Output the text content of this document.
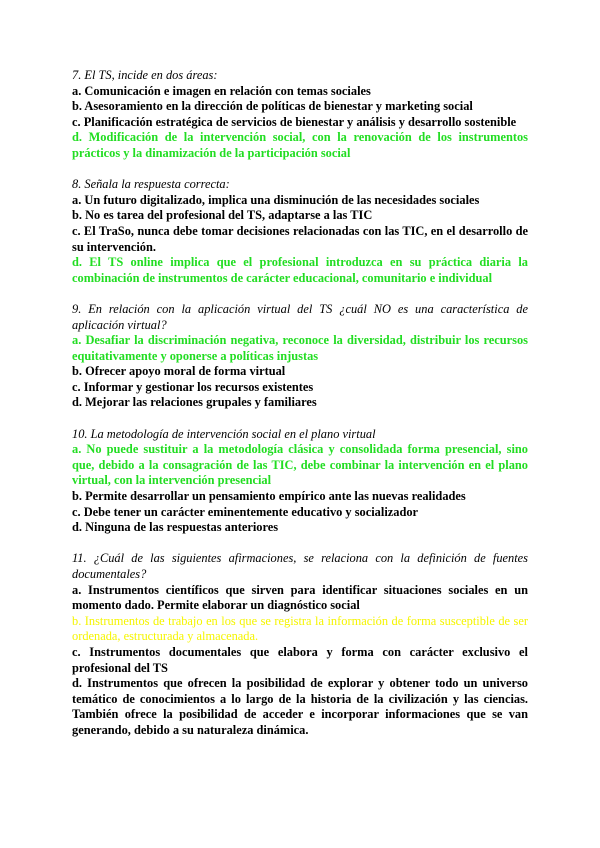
7. El TS, incide en dos áreas:
a. Comunicación e imagen en relación con temas sociales
b. Asesoramiento en la dirección de políticas de bienestar y marketing social
c. Planificación estratégica de servicios de bienestar y análisis y desarrollo sostenible
d. Modificación de la intervención social, con la renovación de los instrumentos prácticos y la dinamización de la participación social
8. Señala la respuesta correcta:
a. Un futuro digitalizado, implica una disminución de las necesidades sociales
b. No es tarea del profesional del TS, adaptarse a las TIC
c. El TraSo, nunca debe tomar decisiones relacionadas con las TIC, en el desarrollo de su intervención.
d. El TS online implica que el profesional introduzca en su práctica diaria la combinación de instrumentos de carácter educacional, comunitario e individual
9. En relación con la aplicación virtual del TS ¿cuál NO es una característica de aplicación virtual?
a. Desafiar la discriminación negativa, reconoce la diversidad, distribuir los recursos equitativamente y oponerse a políticas injustas
b. Ofrecer apoyo moral de forma virtual
c. Informar y gestionar los recursos existentes
d. Mejorar las relaciones grupales y familiares
10. La metodología de intervención social en el plano virtual
a. No puede sustituir a la metodología clásica y consolidada forma presencial, sino que, debido a la consagración de las TIC, debe combinar la intervención en el plano virtual, con la intervención presencial
b. Permite desarrollar un pensamiento empírico ante las nuevas realidades
c. Debe tener un carácter eminentemente educativo y socializador
d. Ninguna de las respuestas anteriores
11. ¿Cuál de las siguientes afirmaciones, se relaciona con la definición de fuentes documentales?
a. Instrumentos científicos que sirven para identificar situaciones sociales en un momento dado. Permite elaborar un diagnóstico social
b. Instrumentos de trabajo en los que se registra la información de forma susceptible de ser ordenada, estructurada y almacenada.
c. Instrumentos documentales que elabora y forma con carácter exclusivo el profesional del TS
d. Instrumentos que ofrecen la posibilidad de explorar y obtener todo un universo temático de conocimientos a lo largo de la historia de la civilización y las ciencias. También ofrece la posibilidad de acceder e incorporar informaciones que se van generando, debido a su naturaleza dinámica.
